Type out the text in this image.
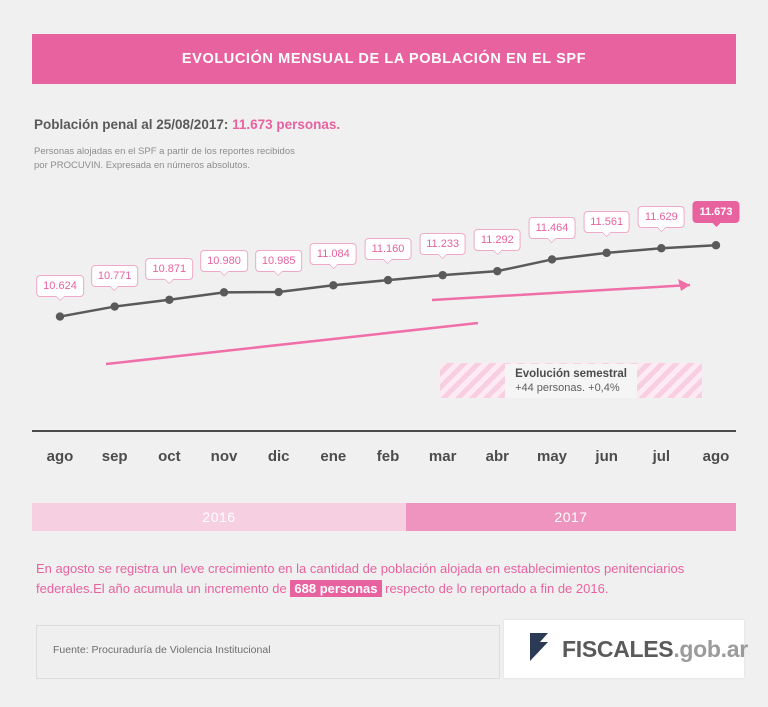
EVOLUCIÓN MENSUAL DE LA POBLACIÓN EN EL SPF
Población penal al 25/08/2017: 11.673 personas.
Personas alojadas en el SPF a partir de los reportes recibidos
por PROCUVIN. Expresada en números absolutos.
10.624
10.771
10.871
10.980	10.985
11.084	11.160	11.233	11.292
11.464
11.561	11.629	11.673
Evolución semestral
+44 personas. +0,4%
ago sep oct nov dic ene feb mar abr may jun jul ago
2016	2017
En agosto se registra un leve crecimiento en la cantidad de población alojada en establecimientos penitenciarios federales.El año acumula un incremento de 688 personas respecto de lo reportado a fin de 2016.
Fuente: Procuraduría de Violencia Institucional	FISCALES.gob.ar
